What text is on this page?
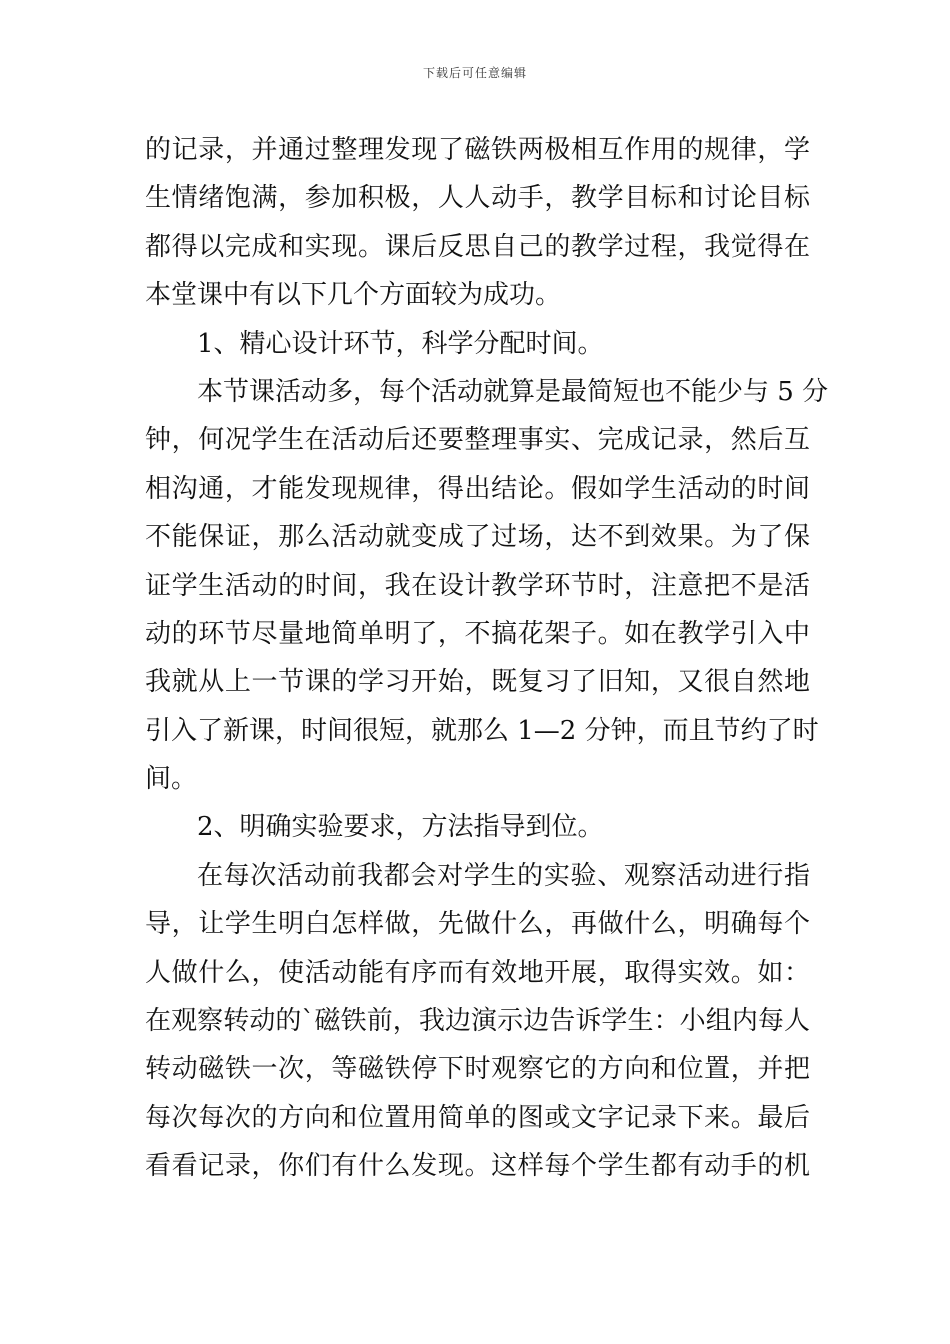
下载后可任意编辑
的记录，并通过整理发现了磁铁两极相互作用的规律，学
生情绪饱满，参加积极，人人动手，教学目标和讨论目标
都得以完成和实现。课后反思自己的教学过程，我觉得在
本堂课中有以下几个方面较为成功。
1、精心设计环节，科学分配时间。
本节课活动多，每个活动就算是最简短也不能少与 5 分
钟，何况学生在活动后还要整理事实、完成记录，然后互
相沟通，才能发现规律，得出结论。假如学生活动的时间
不能保证，那么活动就变成了过场，达不到效果。为了保
证学生活动的时间，我在设计教学环节时，注意把不是活
动的环节尽量地简单明了，不搞花架子。如在教学引入中
我就从上一节课的学习开始，既复习了旧知，又很自然地
引入了新课，时间很短，就那么 1—2 分钟，而且节约了时
间。
2、明确实验要求，方法指导到位。
在每次活动前我都会对学生的实验、观察活动进行指
导，让学生明白怎样做，先做什么，再做什么，明确每个
人做什么，使活动能有序而有效地开展，取得实效。如：
在观察转动的`磁铁前，我边演示边告诉学生：小组内每人
转动磁铁一次，等磁铁停下时观察它的方向和位置，并把
每次每次的方向和位置用简单的图或文字记录下来。最后
看看记录，你们有什么发现。这样每个学生都有动手的机
